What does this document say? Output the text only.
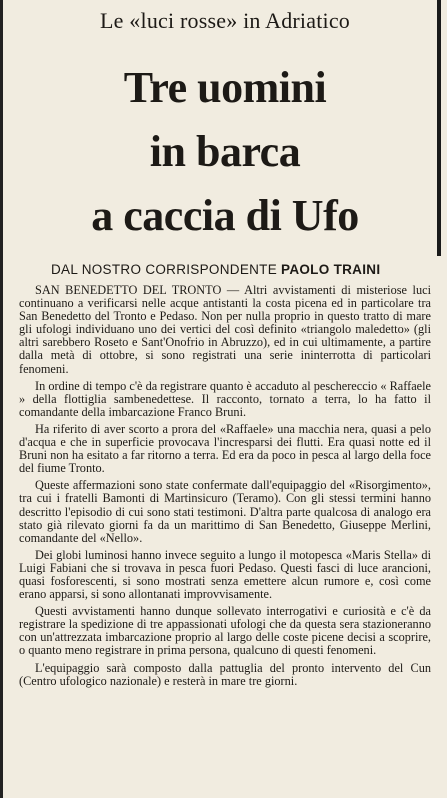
Le «luci rosse» in Adriatico
Tre uomini
in barca
a caccia di Ufo
DAL NOSTRO CORRISPONDENTE PAOLO TRAINI

SAN BENEDETTO DEL TRONTO — Altri avvistamenti di misteriose luci continuano a verificarsi nelle acque antistanti la costa picena ed in particolare tra San Benedetto del Tronto e Pedaso. Non per nulla proprio in questo tratto di mare gli ufologi individuano uno dei vertici del così definito «triangolo maledetto» (gli altri sarebbero Roseto e Sant'Onofrio in Abruzzo), ed in cui ultimamente, a partire dalla metà di ottobre, si sono registrati una serie ininterrotta di particolari fenomeni.

In ordine di tempo c'è da registrare quanto è accaduto al peschereccio « Raffaele » della flottiglia sambenedettese. Il racconto, tornato a terra, lo ha fatto il comandante della imbarcazione Franco Bruni.

Ha riferito di aver scorto a prora del «Raffaele» una macchia nera, quasi a pelo d'acqua e che in superficie provocava l'incresparsi dei flutti. Era quasi notte ed il Bruni non ha esitato a far ritorno a terra. Ed era da poco in pesca al largo della foce del fiume Tronto.

Queste affermazioni sono state confermate dall'equipaggio del «Risorgimento», tra cui i fratelli Bamonti di Martinsicuro (Teramo). Con gli stessi termini hanno descritto l'episodio di cui sono stati testimoni. D'altra parte qualcosa di analogo era stato già rilevato giorni fa da un marittimo di San Benedetto, Giuseppe Merlini, comandante del «Nello».

Dei globi luminosi hanno invece seguito a lungo il motopesca «Maris Stella» di Luigi Fabiani che si trovava in pesca fuori Pedaso. Questi fasci di luce arancioni, quasi fosforescenti, si sono mostrati senza emettere alcun rumore e, così come erano apparsi, si sono allontanati improvvisamente.

Questi avvistamenti hanno dunque sollevato interrogativi e curiosità e c'è da registrare la spedizione di tre appassionati ufologi che da questa sera stazioneranno con un'attrezzata imbarcazione proprio al largo delle coste picene decisi a scoprire, o quanto meno registrare in prima persona, qualcuno di questi fenomeni.

L'equipaggio sarà composto dalla pattuglia del pronto intervento del Cun (Centro ufologico nazionale) e resterà in mare tre giorni.
